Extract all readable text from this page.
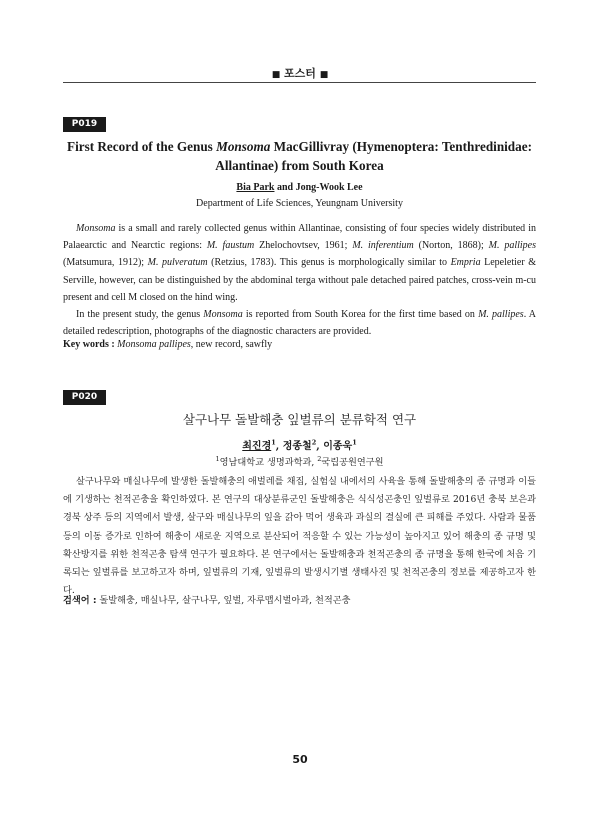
■ 포스터 ■
P019
First Record of the Genus Monsoma MacGillivray (Hymenoptera: Tenthredinidae:
Allantinae) from South Korea
Bia Park and Jong-Wook Lee
Department of Life Sciences, Yeungnam University

Monsoma is a small and rarely collected genus within Allantinae, consisting of four species widely distributed in Palaearctic and Nearctic regions: M. faustum Zhelochovtsev, 1961; M. inferentium (Norton, 1868); M. pallipes (Matsumura, 1912); M. pulveratum (Retzius, 1783). This genus is morphologically similar to Empria Lepeletier & Serville, however, can be distinguished by the abdominal terga without pale detached paired patches, cross-vein m-cu present and cell M closed on the hind wing.

In the present study, the genus Monsoma is reported from South Korea for the first time based on M. pallipes. A detailed redescription, photographs of the diagnostic characters are provided.

Key words : Monsoma pallipes, new record, sawfly
P020
살구나무 돌발해충 잎벌류의 분류학적 연구
최진경$^1$, 정종철$^2$, 이종욱$^1$
$^1$영남대학교 생명과학과, $^2$국립공원연구원

살구나무와 매실나무에 발생한 돌발해충의 애벌레를 채집, 실험실 내에서의 사육을 통해 돌발해충의 종 규명과 이들에 기생하는 천적곤충을 확인하였다. 본 연구의 대상분류군인 돌발해충은 식식성곤충인 잎벌류로 2016년 충북 보은과 경북 상주 등의 지역에서 발생, 살구와 매실나무의 잎을 갉아 먹어 생육과 과실의 결실에 큰 피해를 주었다. 사람과 물품 등의 이동 증가로 인하여 해충이 새로운 지역으로 분산되어 적응할 수 있는 가능성이 높아지고 있어 해충의 종 규명 및 확산방지를 위한 천적곤충 탐색 연구가 필요하다. 본 연구에서는 돌발해충과 천적곤충의 종 규명을 통해 한국에 처음 기록되는 잎벌류를 보고하고자 하며, 잎벌류의 기재, 잎벌류의 발생시기별 생태사진 및 천적곤충의 정보를 제공하고자 한다.

검색어 : 돌발해충, 매실나무, 살구나무, 잎벌, 자루맵시벌아과, 천적곤충
50
